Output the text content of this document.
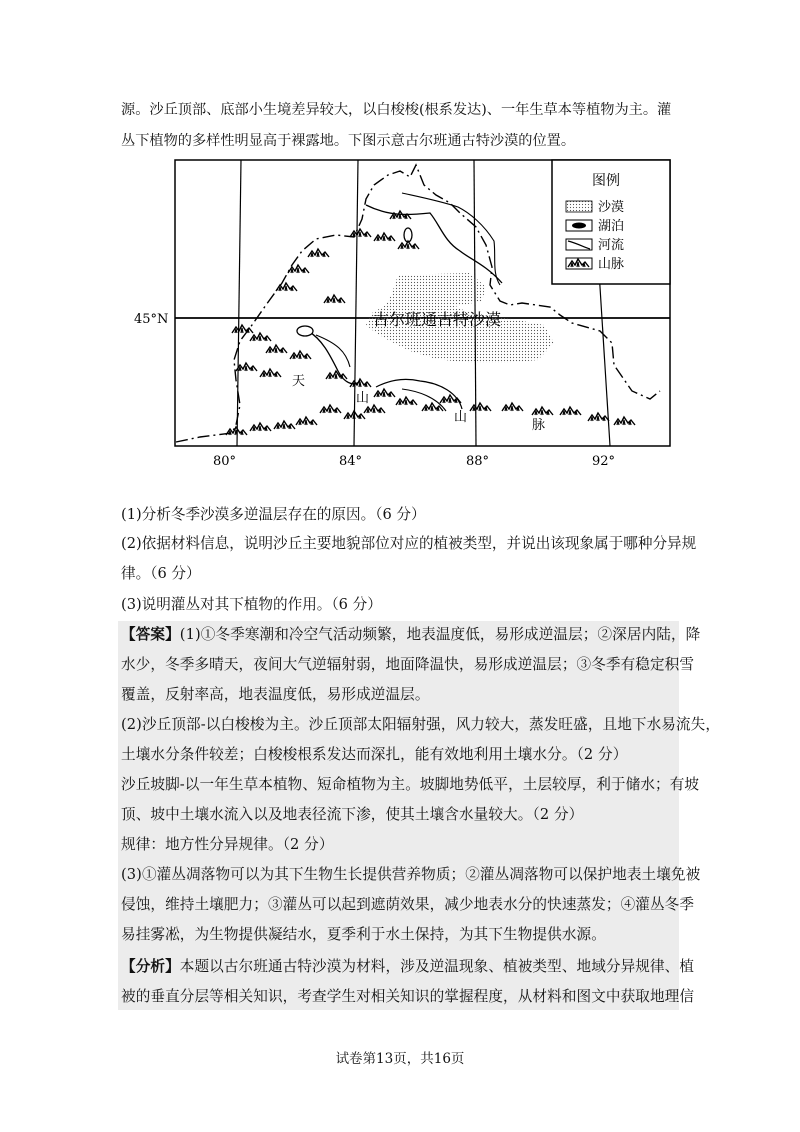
源。沙丘顶部、底部小生境差异较大，以白梭梭(根系发达)、一年生草本等植物为主。灌
丛下植物的多样性明显高于裸露地。下图示意古尔班通古特沙漠的位置。
图例
沙漠
湖泊
河流
山脉
45°N
80°	84°	88°	92°
古尔班通古特沙漠
天
山
山
脉
(1)分析冬季沙漠多逆温层存在的原因。（6 分）
(2)依据材料信息，说明沙丘主要地貌部位对应的植被类型，并说出该现象属于哪种分异规
律。（6 分）
(3)说明灌丛对其下植物的作用。（6 分）
【答案】(1)①冬季寒潮和冷空气活动频繁，地表温度低，易形成逆温层；②深居内陆，降
水少，冬季多晴天，夜间大气逆辐射弱，地面降温快，易形成逆温层；③冬季有稳定积雪
覆盖，反射率高，地表温度低，易形成逆温层。
(2)沙丘顶部-以白梭梭为主。沙丘顶部太阳辐射强，风力较大，蒸发旺盛，且地下水易流失，
土壤水分条件较差；白梭梭根系发达而深扎，能有效地利用土壤水分。（2 分）
沙丘坡脚-以一年生草本植物、短命植物为主。坡脚地势低平，土层较厚，利于储水；有坡
顶、坡中土壤水流入以及地表径流下渗，使其土壤含水量较大。（2 分）
规律：地方性分异规律。（2 分）
(3)①灌丛凋落物可以为其下生物生长提供营养物质；②灌丛凋落物可以保护地表土壤免被
侵蚀，维持土壤肥力；③灌丛可以起到遮荫效果，减少地表水分的快速蒸发；④灌丛冬季
易挂雾凇，为生物提供凝结水，夏季利于水土保持，为其下生物提供水源。
【分析】本题以古尔班通古特沙漠为材料，涉及逆温现象、植被类型、地域分异规律、植
被的垂直分层等相关知识，考查学生对相关知识的掌握程度，从材料和图文中获取地理信
试卷第13页，共16页
